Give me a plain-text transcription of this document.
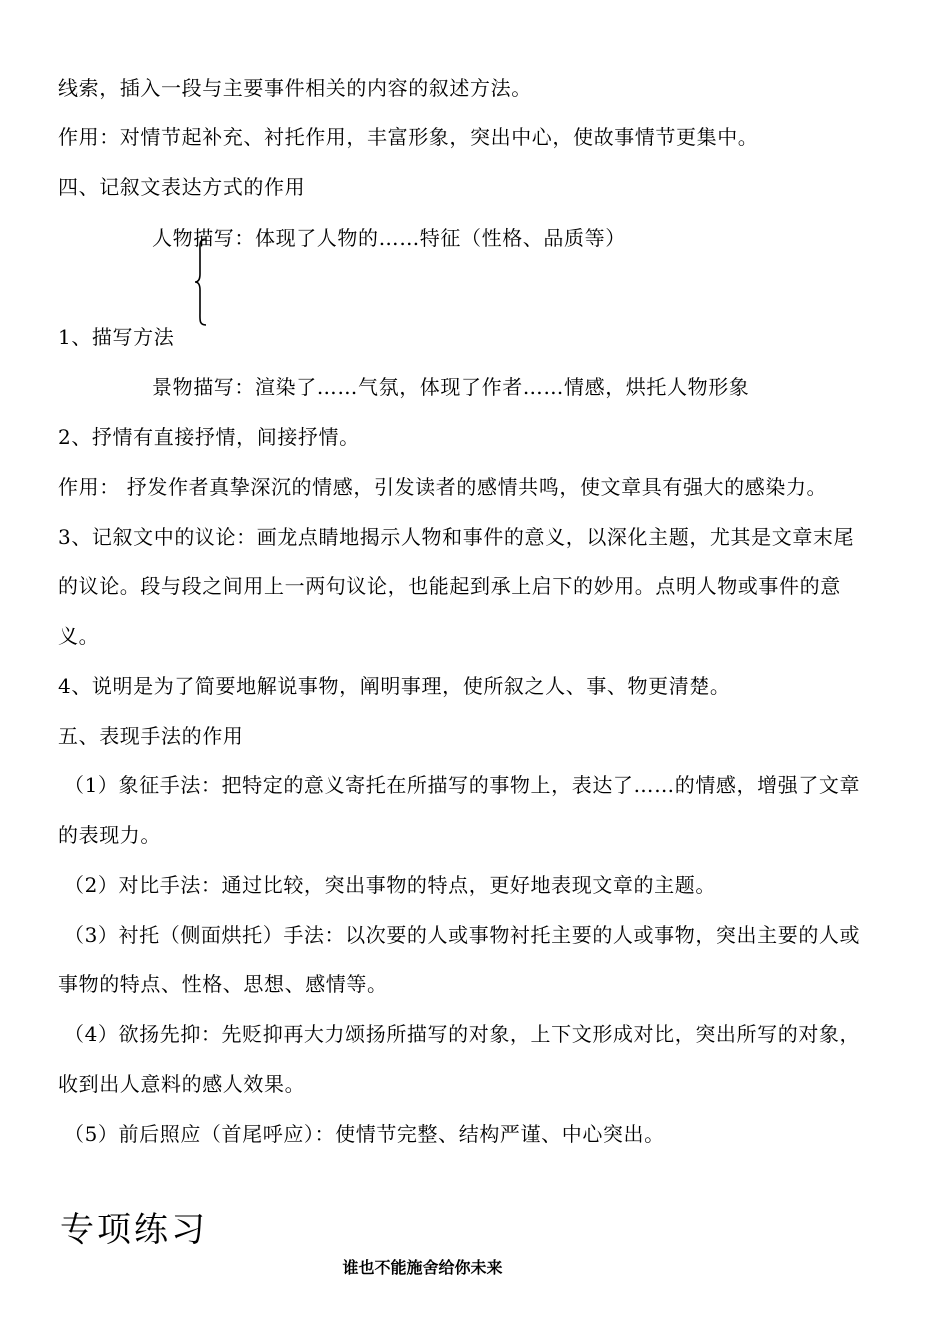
线索，插入一段与主要事件相关的内容的叙述方法。
作用：对情节起补充、衬托作用，丰富形象，突出中心，使故事情节更集中。
四、记叙文表达方式的作用
人物描写：体现了人物的……特征（性格、品质等）
1、描写方法
景物描写：渲染了……气氛，体现了作者……情感，烘托人物形象
2、抒情有直接抒情，间接抒情。
作用： 抒发作者真挚深沉的情感，引发读者的感情共鸣，使文章具有强大的感染力。
3、记叙文中的议论：画龙点睛地揭示人物和事件的意义，以深化主题，尤其是文章末尾
的议论。段与段之间用上一两句议论，也能起到承上启下的妙用。点明人物或事件的意
义。
4、说明是为了简要地解说事物，阐明事理，使所叙之人、事、物更清楚。
五、表现手法的作用
（1）象征手法：把特定的意义寄托在所描写的事物上，表达了……的情感，增强了文章
的表现力。
（2）对比手法：通过比较，突出事物的特点，更好地表现文章的主题。
（3）衬托（侧面烘托）手法：以次要的人或事物衬托主要的人或事物，突出主要的人或
事物的特点、性格、思想、感情等。
（4）欲扬先抑：先贬抑再大力颂扬所描写的对象，上下文形成对比，突出所写的对象，
收到出人意料的感人效果。
（5）前后照应（首尾呼应）：使情节完整、结构严谨、中心突出。
专项练习
谁也不能施舍给你未来
